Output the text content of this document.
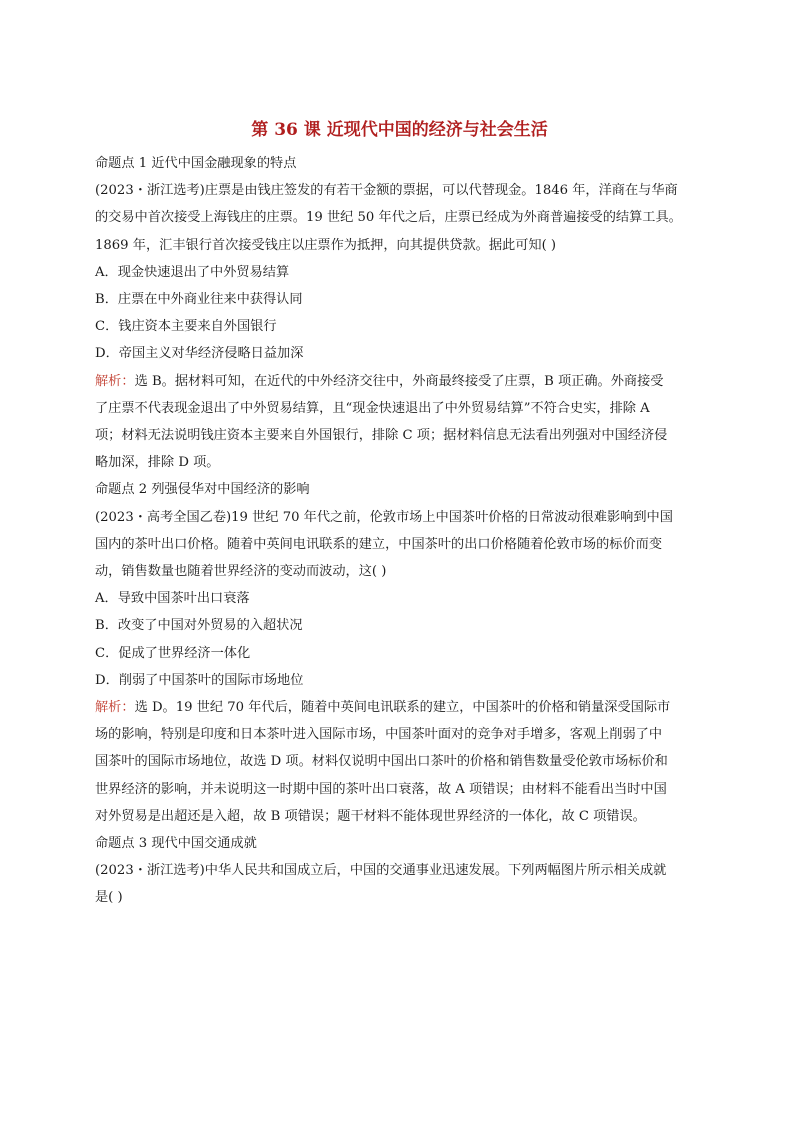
第 36 课 近现代中国的经济与社会生活

命题点 1 近代中国金融现象的特点

(2023・浙江选考)庄票是由钱庄签发的有若干金额的票据，可以代替现金。1846 年，洋商在与华商

的交易中首次接受上海钱庄的庄票。19 世纪 50 年代之后，庄票已经成为外商普遍接受的结算工具。

1869 年，汇丰银行首次接受钱庄以庄票作为抵押，向其提供贷款。据此可知( )

A．现金快速退出了中外贸易结算

B．庄票在中外商业往来中获得认同

C．钱庄资本主要来自外国银行

D．帝国主义对华经济侵略日益加深

解析：选 B。据材料可知，在近代的中外经济交往中，外商最终接受了庄票，B 项正确。外商接受

了庄票不代表现金退出了中外贸易结算，且“现金快速退出了中外贸易结算”不符合史实，排除 A

项；材料无法说明钱庄资本主要来自外国银行，排除 C 项；据材料信息无法看出列强对中国经济侵

略加深，排除 D 项。

命题点 2 列强侵华对中国经济的影响

(2023・高考全国乙卷)19 世纪 70 年代之前，伦敦市场上中国茶叶价格的日常波动很难影响到中国

国内的茶叶出口价格。随着中英间电讯联系的建立，中国茶叶的出口价格随着伦敦市场的标价而变

动，销售数量也随着世界经济的变动而波动，这( )

A．导致中国茶叶出口衰落

B．改变了中国对外贸易的入超状况

C．促成了世界经济一体化

D．削弱了中国茶叶的国际市场地位

解析：选 D。19 世纪 70 年代后，随着中英间电讯联系的建立，中国茶叶的价格和销量深受国际市

场的影响，特别是印度和日本茶叶进入国际市场，中国茶叶面对的竞争对手增多，客观上削弱了中

国茶叶的国际市场地位，故选 D 项。材料仅说明中国出口茶叶的价格和销售数量受伦敦市场标价和

世界经济的影响，并未说明这一时期中国的茶叶出口衰落，故 A 项错误；由材料不能看出当时中国

对外贸易是出超还是入超，故 B 项错误；题干材料不能体现世界经济的一体化，故 C 项错误。

命题点 3 现代中国交通成就

(2023・浙江选考)中华人民共和国成立后，中国的交通事业迅速发展。下列两幅图片所示相关成就

是( )
